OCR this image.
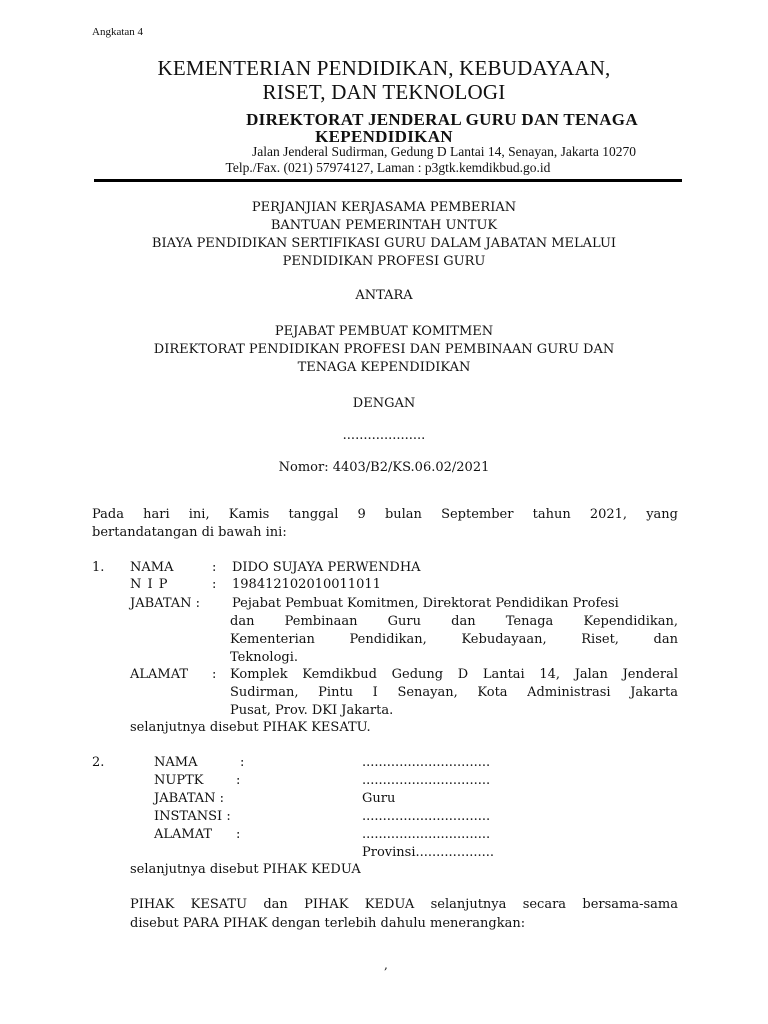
Angkatan 4
KEMENTERIAN PENDIDIKAN, KEBUDAYAAN,
RISET, DAN TEKNOLOGI
DIREKTORAT JENDERAL GURU DAN TENAGA
KEPENDIDIKAN
Jalan Jenderal Sudirman, Gedung D Lantai 14, Senayan, Jakarta 10270
Telp./Fax. (021) 57974127, Laman : p3gtk.kemdikbud.go.id
PERJANJIAN KERJASAMA PEMBERIAN
BANTUAN PEMERINTAH UNTUK
BIAYA PENDIDIKAN SERTIFIKASI GURU DALAM JABATAN MELALUI
PENDIDIKAN PROFESI GURU
ANTARA
PEJABAT PEMBUAT KOMITMEN
DIREKTORAT PENDIDIKAN PROFESI DAN PEMBINAAN GURU DAN
TENAGA KEPENDIDIKAN
DENGAN
....................
Nomor: 4403/B2/KS.06.02/2021
Pada hari ini, Kamis tanggal 9 bulan September tahun 2021, yang
bertandatangan di bawah ini:
1. NAMA	: DIDO SUJAYA PERWENDHA
N I P	: 198412102010011011
JABATAN : Pejabat Pembuat Komitmen, Direktorat Pendidikan Profesi
dan Pembinaan Guru dan Tenaga Kependidikan,
Kementerian Pendidikan, Kebudayaan, Riset, dan
Teknologi.
ALAMAT : Komplek Kemdikbud Gedung D Lantai 14, Jalan Jenderal
Sudirman, Pintu I Senayan, Kota Administrasi Jakarta
Pusat, Prov. DKI Jakarta.
selanjutnya disebut PIHAK KESATU.
2.	NAMA	:	...............................
NUPTK	:	...............................
JABATAN :	Guru
INSTANSI :	...............................
ALAMAT :	...............................
Provinsi...................
selanjutnya disebut PIHAK KEDUA
PIHAK KESATU dan PIHAK KEDUA selanjutnya secara bersama-sama
disebut PARA PIHAK dengan terlebih dahulu menerangkan:
,
